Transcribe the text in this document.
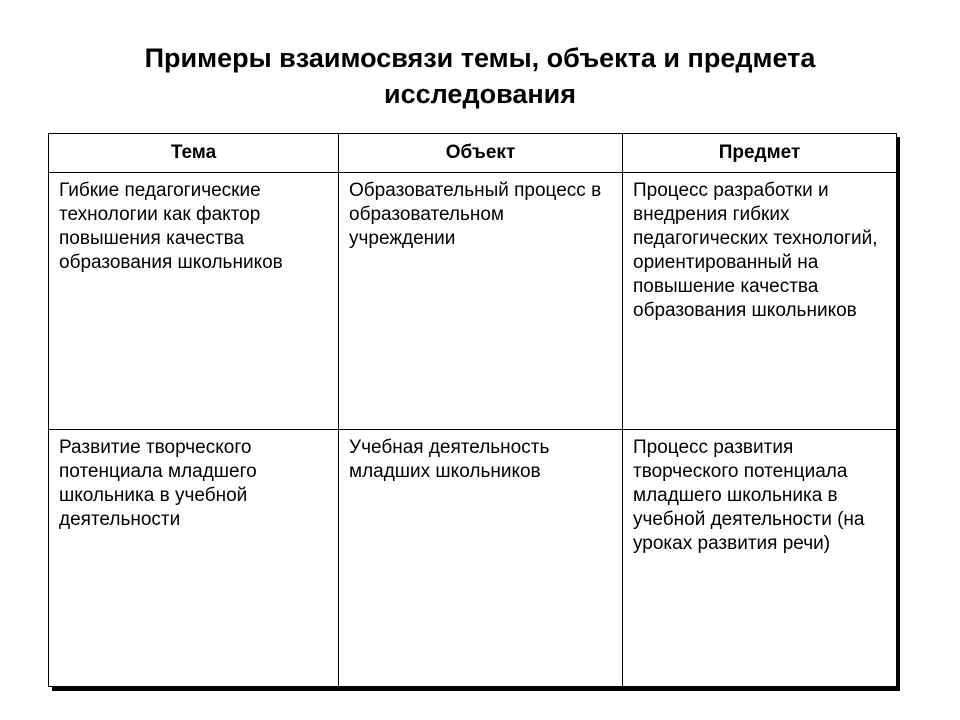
Примеры взаимосвязи темы, объекта и предмета
исследования
Тема	Объект	Предмет
Гибкие педагогические технологии как фактор повышения качества образования школьников	Образовательный процесс в образовательном учреждении	Процесс разработки и внедрения гибких педагогических технологий, ориентированный на повышение качества образования школьников
Развитие творческого потенциала младшего школьника в учебной деятельности	Учебная деятельность младших школьников	Процесс развития творческого потенциала младшего школьника в учебной деятельности (на уроках развития речи)
